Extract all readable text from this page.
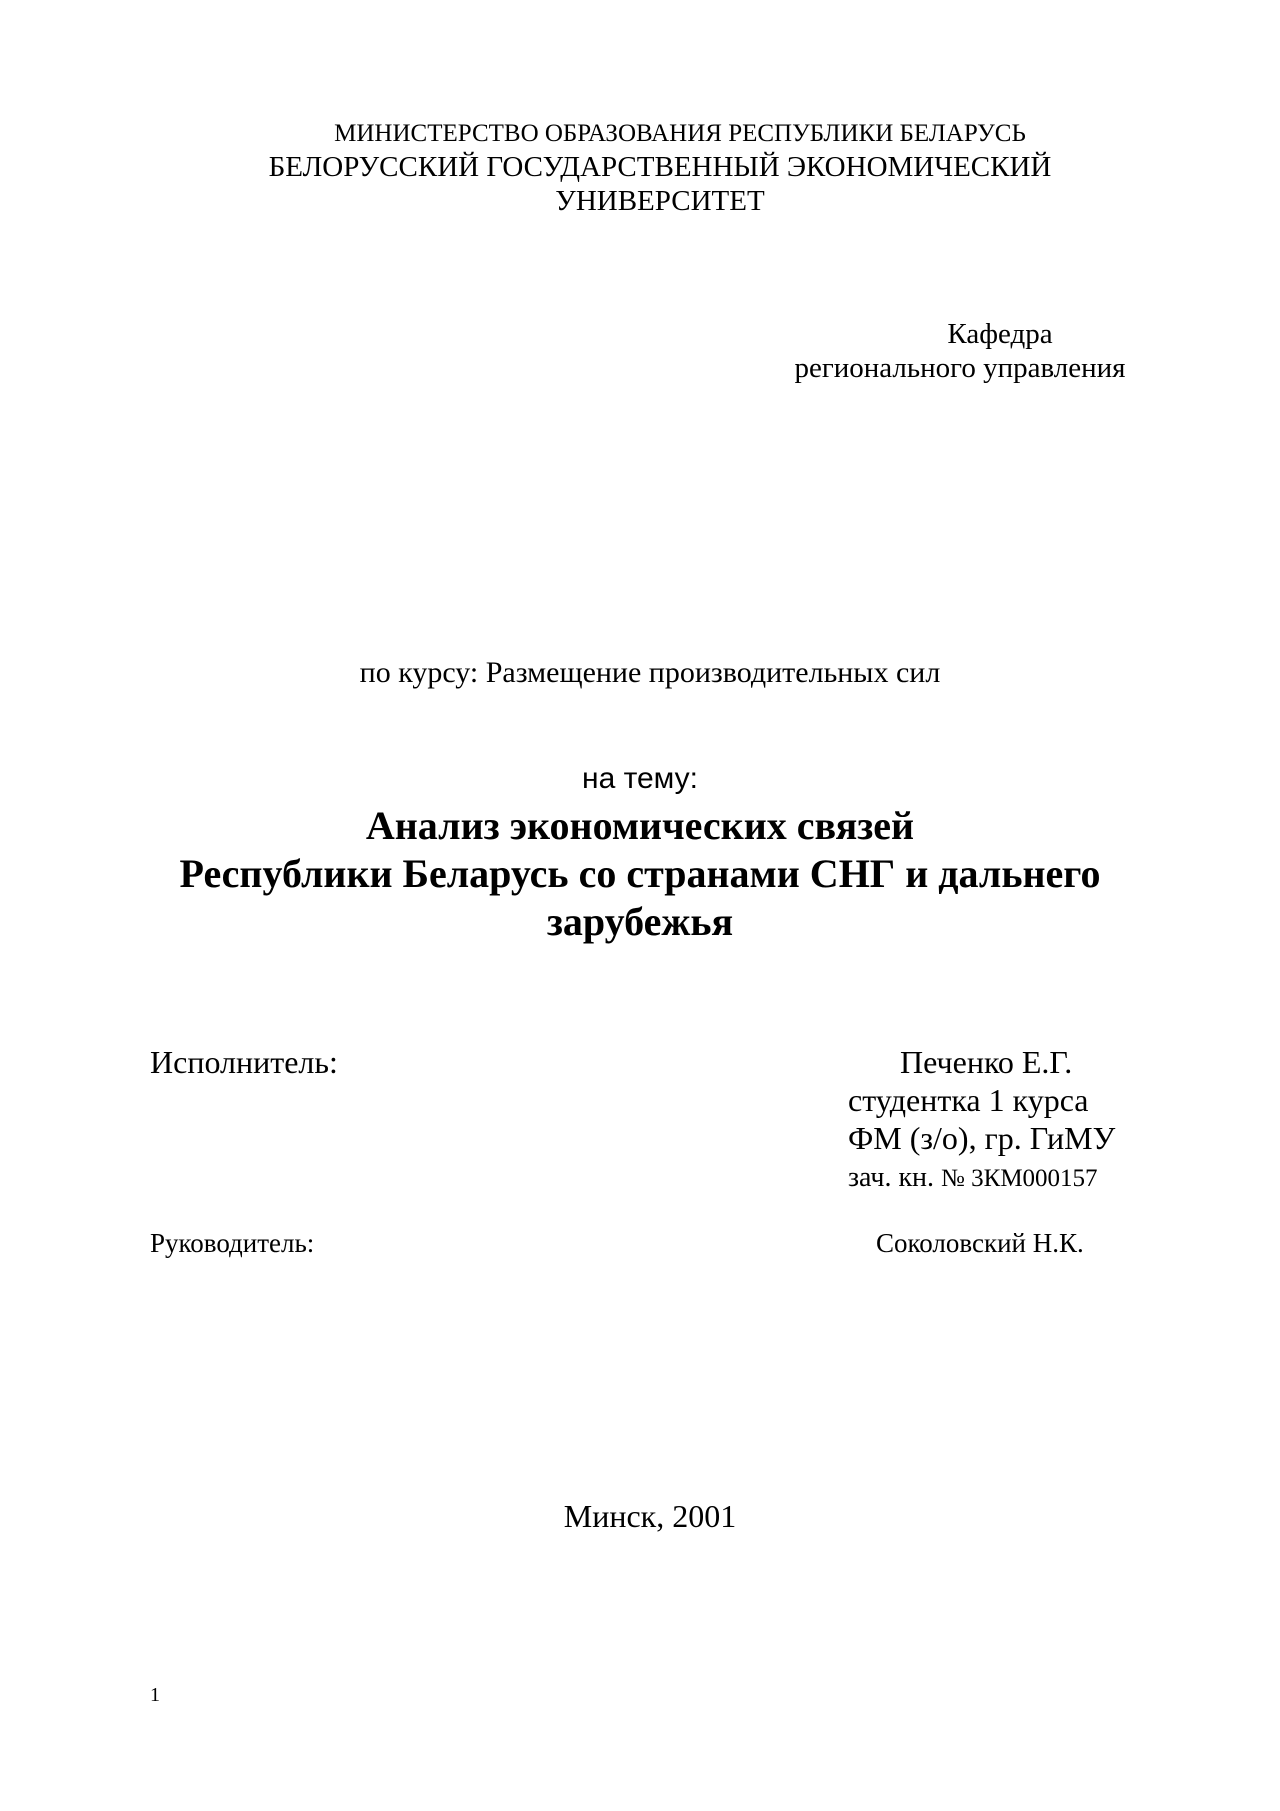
МИНИСТЕРСТВО ОБРАЗОВАНИЯ РЕСПУБЛИКИ БЕЛАРУСЬ
БЕЛОРУССКИЙ ГОСУДАРСТВЕННЫЙ ЭКОНОМИЧЕСКИЙ
УНИВЕРСИТЕТ
Кафедра
регионального управления
по курсу: Размещение производительных сил
на тему:
Анализ экономических связей
Республики Беларусь со странами СНГ и дальнего
зарубежья
Исполнитель:	Печенко Е.Г.
студентка 1 курса
ФМ (з/о), гр. ГиМУ
зач. кн. № 3КМ000157
Руководитель:	Соколовский Н.К.
Минск, 2001
1
